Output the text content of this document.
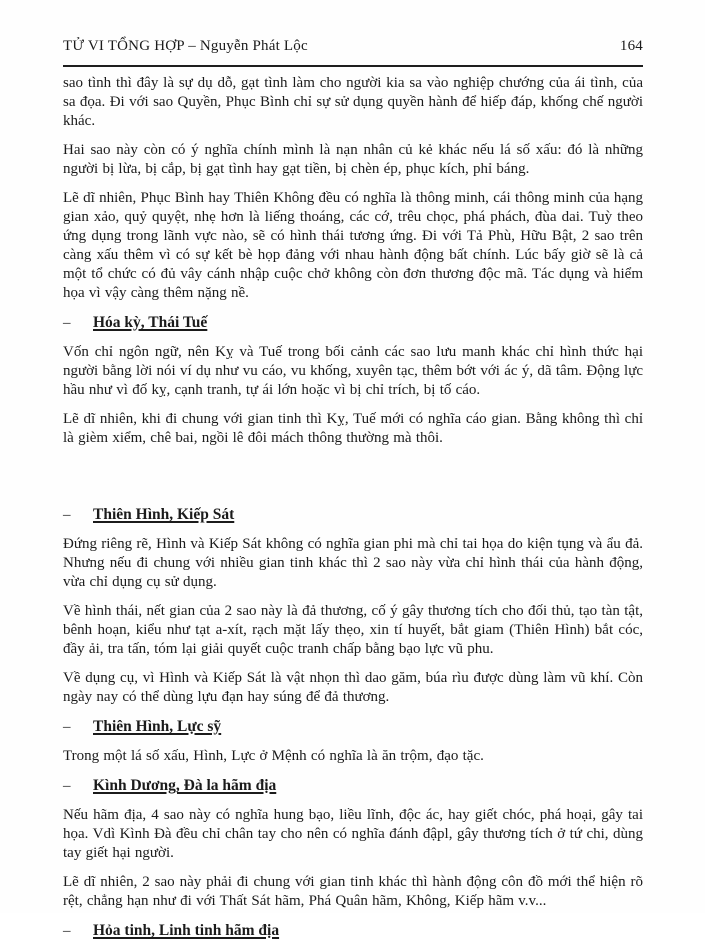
TỬ VI TỔNG HỢP – Nguyễn Phát Lộc	164

sao tình thì đây là sự dụ dỗ, gạt tình làm cho người kia sa vào nghiệp chướng của ái tình, của sa đọa. Đi với sao Quyền, Phục Bình chỉ sự sử dụng quyền hành để hiếp đáp, khống chế người khác.

Hai sao này còn có ý nghĩa chính mình là nạn nhân củ kẻ khác nếu lá số xấu: đó là những người bị lừa, bị cắp, bị gạt tình hay gạt tiền, bị chèn ép, phục kích, phỉ báng.

Lẽ dĩ nhiên, Phục Bình hay Thiên Không đều có nghĩa là thông minh, cái thông minh của hạng gian xảo, quỷ quyệt, nhẹ hơn là liếng thoáng, các cớ, trêu chọc, phá phách, đùa dai. Tuỳ theo ứng dụng trong lãnh vực nào, sẽ có hình thái tương ứng. Đi với Tả Phù, Hữu Bật, 2 sao trên càng xấu thêm vì có sự kết bè họp đảng với nhau hành động bất chính. Lúc bấy giờ sẽ là cả một tổ chức có đủ vây cánh nhập cuộc chở không còn đơn thương độc mã. Tác dụng và hiểm họa vì vậy càng thêm nặng nề.

–	Hóa kỳ, Thái Tuế

Vốn chỉ ngôn ngữ, nên Kỵ và Tuế trong bối cảnh các sao lưu manh khác chỉ hình thức hại người bằng lời nói ví dụ như vu cáo, vu khống, xuyên tạc, thêm bớt với ác ý, dã tâm. Động lực hầu như vì đố kỵ, cạnh tranh, tự ái lớn hoặc vì bị chỉ trích, bị tố cáo.

Lẽ dĩ nhiên, khi đi chung với gian tinh thì Kỵ, Tuế mới có nghĩa cáo gian. Bằng không thì chỉ là gièm xiểm, chê bai, ngồi lê đôi mách thông thường mà thôi.

–	Thiên Hình, Kiếp Sát

Đứng riêng rẽ, Hình và Kiếp Sát không có nghĩa gian phi mà chỉ tai họa do kiện tụng và ẩu đả. Nhưng nếu đi chung với nhiều gian tinh khác thì 2 sao này vừa chỉ hình thái của hành động, vừa chỉ dụng cụ sử dụng.

Về hình thái, nết gian của 2 sao này là đả thương, cố ý gây thương tích cho đối thủ, tạo tàn tật, bênh hoạn, kiểu như tạt a-xít, rạch mặt lấy thẹo, xin tí huyết, bắt giam (Thiên Hình) bắt cóc, đầy ải, tra tấn, tóm lại giải quyết cuộc tranh chấp bằng bạo lực vũ phu.

Về dụng cụ, vì Hình và Kiếp Sát là vật nhọn thì dao găm, búa rìu được dùng làm vũ khí. Còn ngày nay có thể dùng lựu đạn hay súng để đả thương.

–	Thiên Hình, Lực sỹ

Trong một lá số xấu, Hình, Lực ở Mệnh có nghĩa là ăn trộm, đạo tặc.

–	Kình Dương, Đà la hãm địa

Nếu hãm địa, 4 sao này có nghĩa hung bạo, liều lĩnh, độc ác, hay giết chóc, phá hoại, gây tai họa. Vdì Kình Đà đều chỉ chân tay cho nên có nghĩa đánh đậpl, gây thương tích ở tứ chi, dùng tay giết hại người.

Lẽ dĩ nhiên, 2 sao này phải đi chung với gian tinh khác thì hành động côn đồ mới thể hiện rõ rệt, chẳng hạn như đi với Thất Sát hãm, Phá Quân hãm, Không, Kiếp hãm v.v...

–	Hỏa tinh, Linh tinh hãm địa
